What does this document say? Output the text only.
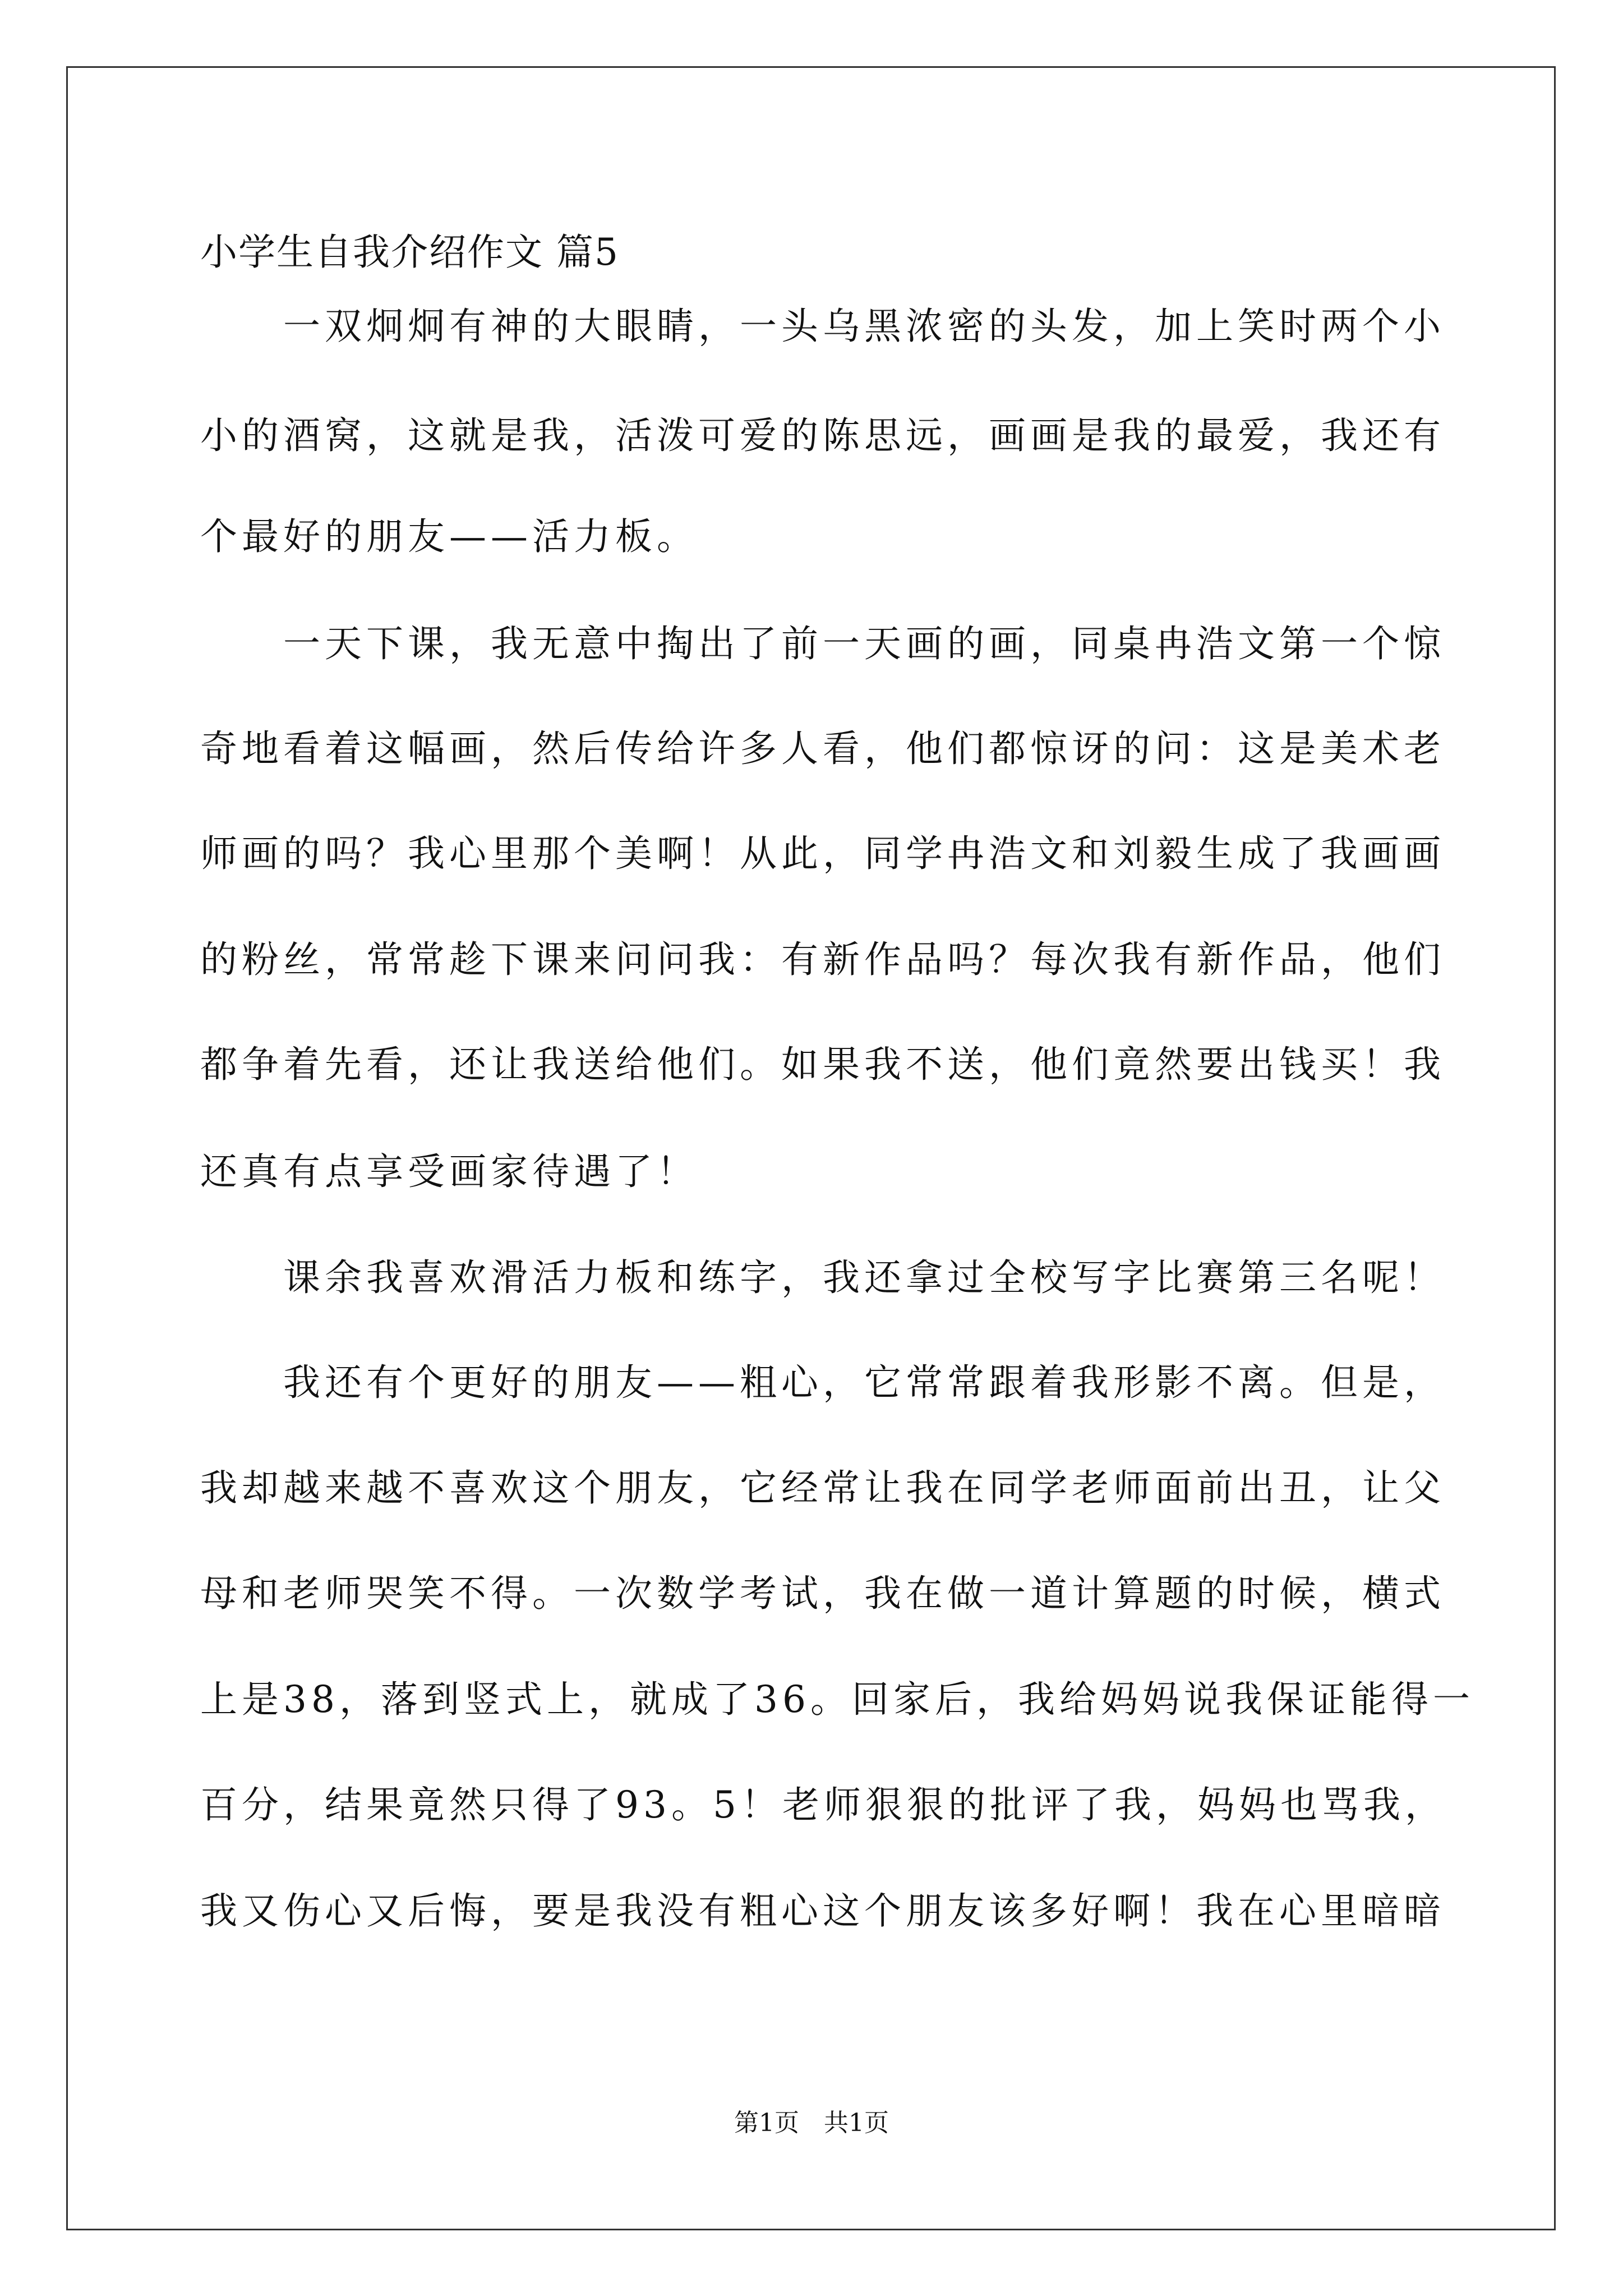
小学生自我介绍作文 篇5
　　一双炯炯有神的大眼睛，一头乌黑浓密的头发，加上笑时两个小
小的酒窝，这就是我，活泼可爱的陈思远，画画是我的最爱，我还有
个最好的朋友——活力板。
　　一天下课，我无意中掏出了前一天画的画，同桌冉浩文第一个惊
奇地看着这幅画，然后传给许多人看，他们都惊讶的问：这是美术老
师画的吗？我心里那个美啊！从此，同学冉浩文和刘毅生成了我画画
的粉丝，常常趁下课来问问我：有新作品吗？每次我有新作品，他们
都争着先看，还让我送给他们。如果我不送，他们竟然要出钱买！我
还真有点享受画家待遇了！
　　课余我喜欢滑活力板和练字，我还拿过全校写字比赛第三名呢！
　　我还有个更好的朋友——粗心，它常常跟着我形影不离。但是，
我却越来越不喜欢这个朋友，它经常让我在同学老师面前出丑，让父
母和老师哭笑不得。一次数学考试，我在做一道计算题的时候，横式
上是38，落到竖式上，就成了36。回家后，我给妈妈说我保证能得一
百分，结果竟然只得了93。5！老师狠狠的批评了我，妈妈也骂我，
我又伤心又后悔，要是我没有粗心这个朋友该多好啊！我在心里暗暗
第1页　共1页
